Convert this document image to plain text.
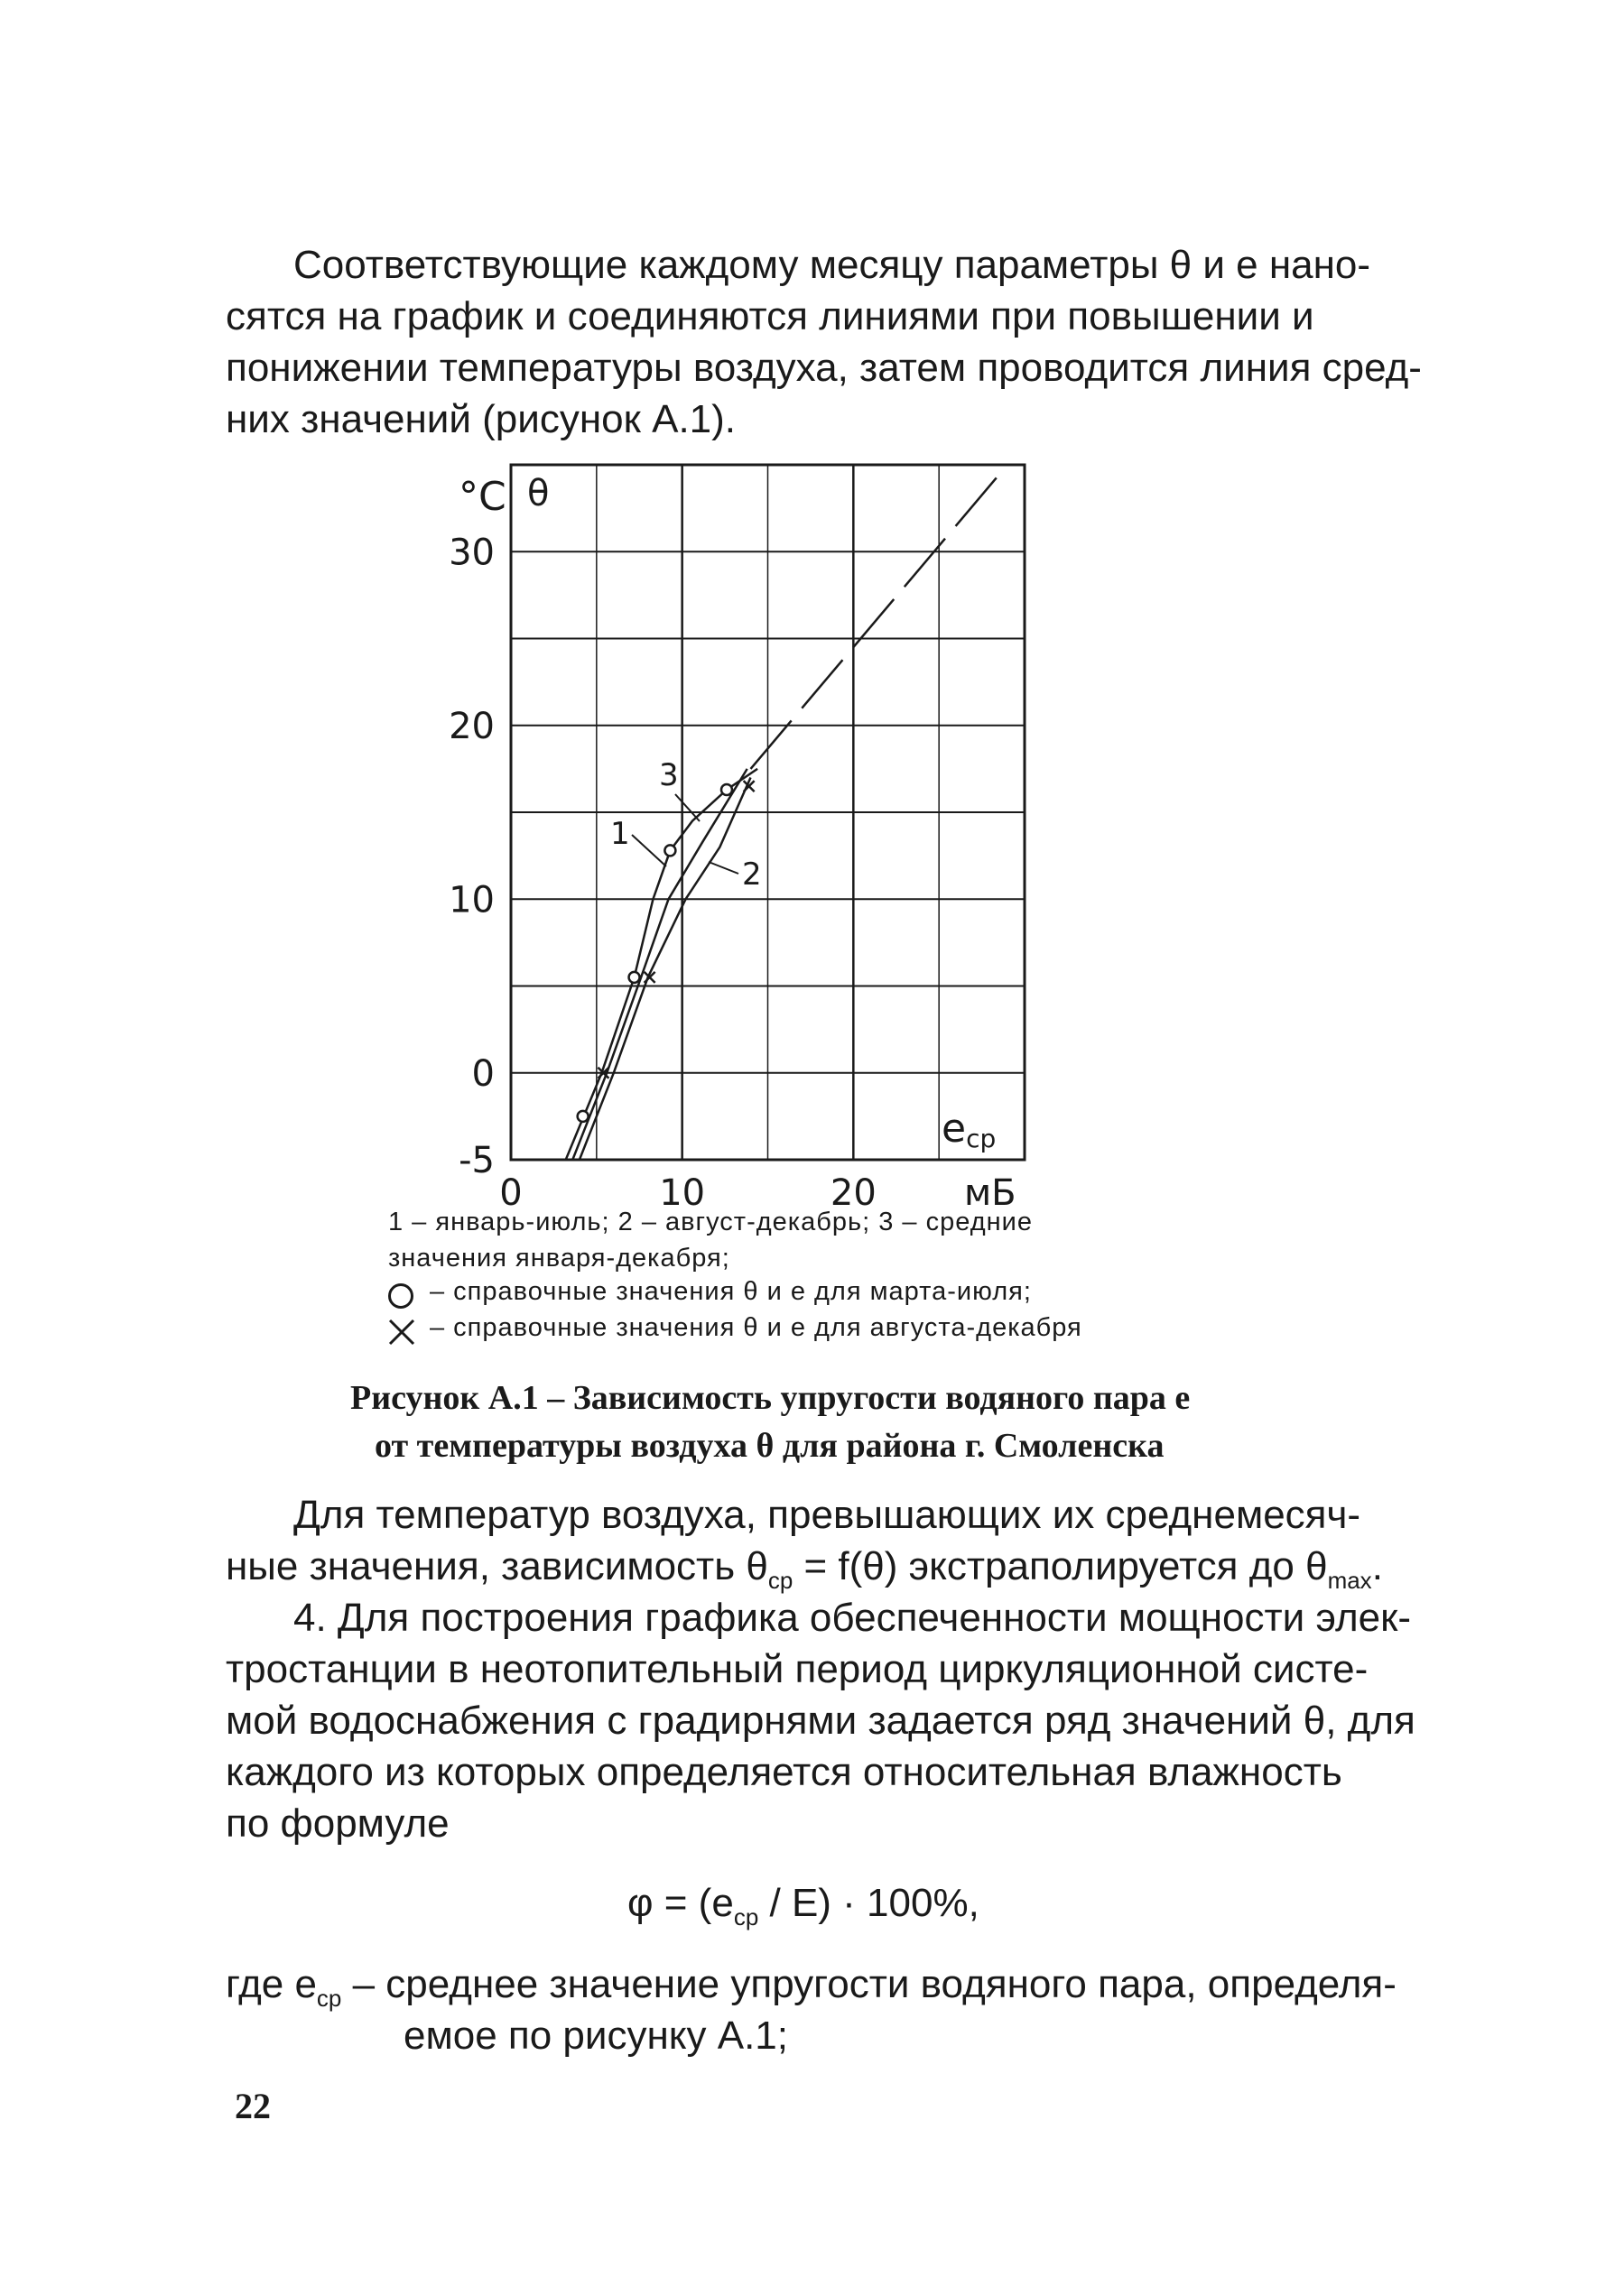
Соответствующие каждому месяцу параметры θ и е нано-

сятся на график и соединяются линиями при повышении и

понижении температуры воздуха, затем проводится линия сред-

них значений (рисунок А.1).

-5
0
10
20
30
0	10	20
°C θ
eср
мБ
1
2
3
1 – январь-июль; 2 – август-декабрь; 3 – средние
значения января-декабря;
– справочные значения θ и е для марта-июля;
– справочные значения θ и е для августа-декабря
Рисунок А.1 – Зависимость упругости водяного пара e
от температуры воздуха θ для района г. Смоленска

Для температур воздуха, превышающих их среднемесяч-

ные значения, зависимость $\theta_{ср} = f(\theta)$ экстраполируется до $\theta_{max}$.

4. Для построения графика обеспеченности мощности элек-

тростанции в неотопительный период циркуляционной систе-

мой водоснабжения с градирнями задается ряд значений θ, для

каждого из которых определяется относительная влажность

по формуле

$\varphi = (e_{ср} / E) \cdot 100\%$,

где $e_{ср}$ – среднее значение упругости водяного пара, определя-

емое по рисунку А.1;

22
